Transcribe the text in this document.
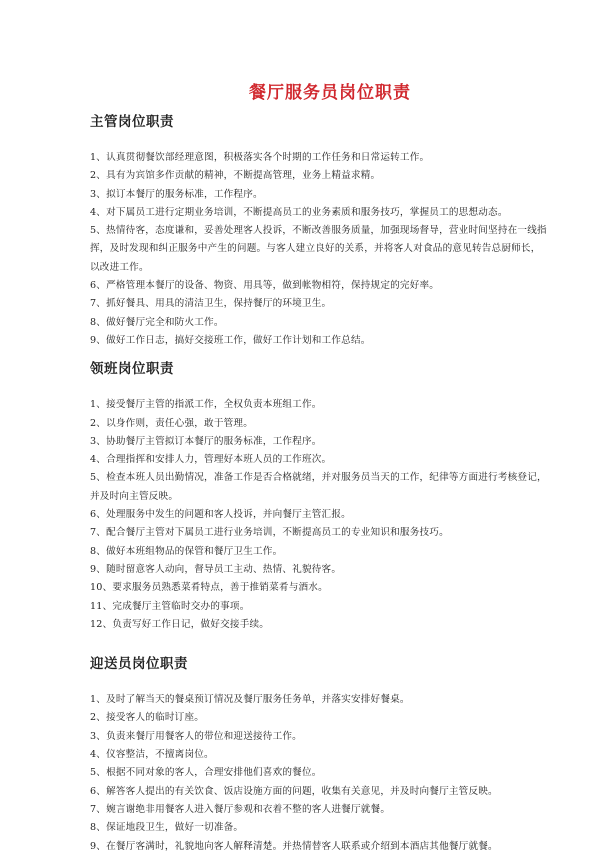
餐厅服务员岗位职责
主管岗位职责
1、认真贯彻餐饮部经理意图，积极落实各个时期的工作任务和日常运转工作。
2、具有为宾馆多作贡献的精神，不断提高管理，业务上精益求精。
3、拟订本餐厅的服务标准，工作程序。
4、对下属员工进行定期业务培训，不断提高员工的业务素质和服务技巧，掌握员工的思想动态。
5、热情待客，态度谦和，妥善处理客人投诉，不断改善服务质量，加强现场督导，营业时间坚持在一线指挥，及时发现和纠正服务中产生的问题。与客人建立良好的关系，并将客人对食品的意见转告总厨师长，以改进工作。
6、严格管理本餐厅的设备、物资、用具等，做到帐物相符，保持规定的完好率。
7、抓好餐具、用具的清洁卫生，保持餐厅的环境卫生。
8、做好餐厅完全和防火工作。
9、做好工作日志，搞好交接班工作，做好工作计划和工作总结。
领班岗位职责
1、接受餐厅主管的指派工作，全权负责本班组工作。
2、以身作则，责任心强，敢于管理。
3、协助餐厅主管拟订本餐厅的服务标准，工作程序。
4、合理指挥和安排人力，管理好本班人员的工作班次。
5、检查本班人员出勤情况，准备工作是否合格就绪，并对服务员当天的工作，纪律等方面进行考核登记，并及时向主管反映。
6、处理服务中发生的问题和客人投诉，并向餐厅主管汇报。
7、配合餐厅主管对下属员工进行业务培训，不断提高员工的专业知识和服务技巧。
8、做好本班组物品的保管和餐厅卫生工作。
9、随时留意客人动向，督导员工主动、热情、礼貌待客。
10、要求服务员熟悉菜肴特点，善于推销菜肴与酒水。
11、完成餐厅主管临时交办的事项。
12、负责写好工作日记，做好交接手续。
迎送员岗位职责
1、及时了解当天的餐桌预订情况及餐厅服务任务单，并落实安排好餐桌。
2、接受客人的临时订座。
3、负责来餐厅用餐客人的带位和迎送接待工作。
4、仪容整洁，不擅离岗位。
5、根据不同对象的客人，合理安排他们喜欢的餐位。
6、解答客人提出的有关饮食、饭店设施方面的问题，收集有关意见，并及时向餐厅主管反映。
7、婉言谢绝非用餐客人进入餐厅参观和衣着不整的客人进餐厅就餐。
8、保证地段卫生，做好一切准备。
9、在餐厅客满时，礼貌地向客人解释清楚。并热情替客人联系或介绍到本酒店其他餐厅就餐。
